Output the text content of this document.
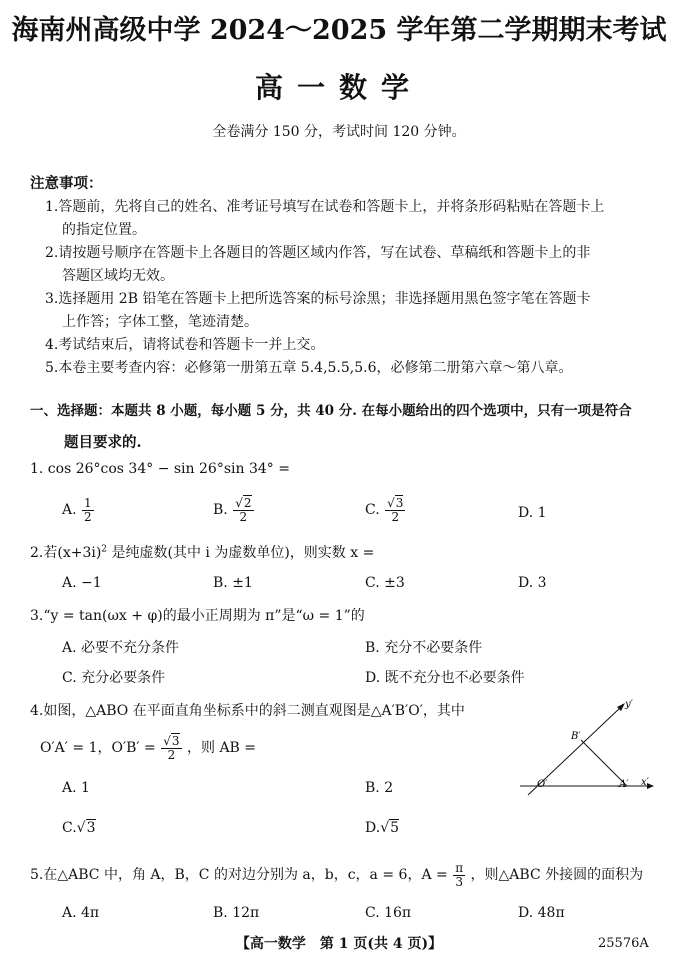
海南州高级中学 2024～2025 学年第二学期期末考试
高一数学
全卷满分 150 分，考试时间 120 分钟。
注意事项：
1.答题前，先将自己的姓名、准考证号填写在试卷和答题卡上，并将条形码粘贴在答题卡上
的指定位置。
2.请按题号顺序在答题卡上各题目的答题区域内作答，写在试卷、草稿纸和答题卡上的非
答题区域均无效。
3.选择题用 2B 铅笔在答题卡上把所选答案的标号涂黑；非选择题用黑色签字笔在答题卡
上作答；字体工整，笔迹清楚。
4.考试结束后，请将试卷和答题卡一并上交。
5.本卷主要考查内容：必修第一册第五章 5.4,5.5,5.6，必修第二册第六章～第八章。
一、选择题：本题共 8 小题，每小题 5 分，共 40 分. 在每小题给出的四个选项中，只有一项是符合
题目要求的.
1. cos 26°cos 34° − sin 26°sin 34° =
A. $\frac{1}{2}$	B. $\frac{√2}{2}$	C. $\frac{√3}{2}$	D. 1
2.若$(x+3i)^2$ 是纯虚数(其中 i 为虚数单位)，则实数 x =
A. −1	B. ±1	C. ±3	D. 3
3.“y = tan(ωx + φ)的最小正周期为 π”是“ω = 1”的
A. 必要不充分条件	B. 充分不必要条件
C. 充分必要条件	D. 既不充分也不必要条件
4.如图，△ABO 在平面直角坐标系中的斜二测直观图是△A′B′O′，其中
O′A′ = 1，$O'B' = \frac{√3}{2}$ ，则 AB =
A. 1	B. 2
C.√3	D.√5
y′
x′
B′
O′	A′
5.在△ABC 中，角 A，B，C 的对边分别为 a，b，c，a = 6，$A = \frac{\pi}{3}$ ，则△ABC 外接圆的面积为
A. 4π	B. 12π	C. 16π	D. 48π
【高一数学　第 1 页(共 4 页)】	25576A
